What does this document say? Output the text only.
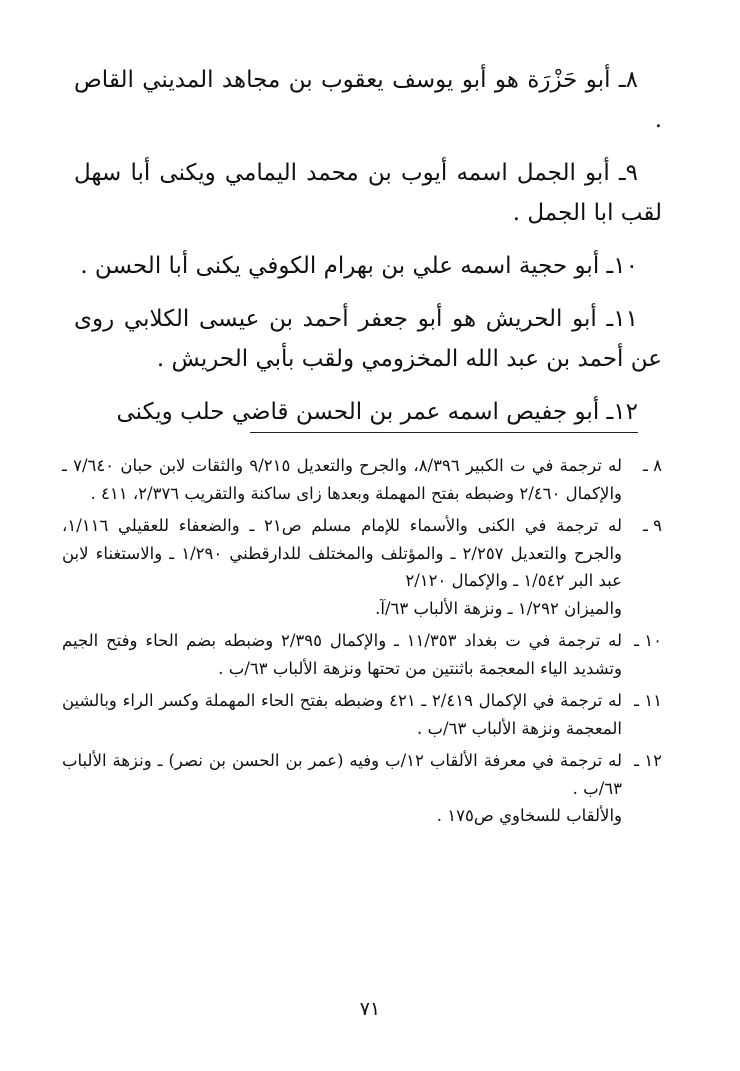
٨ـ أبو حَزْرَة هو أبو يوسف يعقوب بن مجاهد المديني القاص .

٩ـ أبو الجمل اسمه أيوب بن محمد اليمامي ويكنى أبا سهل لقب ابا الجمل .

١٠ـ أبو حجية اسمه علي بن بهرام الكوفي يكنى أبا الحسن .

١١ـ أبو الحريش هو أبو جعفر أحمد بن عيسى الكلابي روى عن أحمد بن عبد الله المخزومي ولقب بأبي الحريش .

١٢ـ أبو جفيص اسمه عمر بن الحسن قاضي حلب ويكنى

٨ ـ
له ترجمة في ت الكبير ٨/٣٩٦، والجرح والتعديل ٩/٢١٥ والثقات لابن حبان ٧/٦٤٠ ـ والإكمال ٢/٤٦٠ وضبطه بفتح المهملة وبعدها زاى ساكنة والتقريب ٢/٣٧٦، ٤١١ .
٩ ـ
له ترجمة في الكنى والأسماء للإمام مسلم ص٢١ ـ والضعفاء للعقيلي ١/١١٦، والجرح والتعديل ٢/٢٥٧ ـ والمؤتلف والمختلف للدارقطني ١/٢٩٠ ـ والاستغناء لابن عبد البر ١/٥٤٢ ـ والإكمال ٢/١٢٠
والميزان ١/٢٩٢ ـ ونزهة الألباب ٦٣/آ.
١٠ ـ
له ترجمة في ت بغداد ١١/٣٥٣ ـ والإكمال ٢/٣٩٥ وضبطه بضم الحاء وفتح الجيم وتشديد الياء المعجمة باثنتين من تحتها ونزهة الألباب ٦٣/ب .
١١ ـ
له ترجمة في الإكمال ٢/٤١٩ ـ ٤٢١ وضبطه بفتح الحاء المهملة وكسر الراء وبالشين المعجمة ونزهة الألباب ٦٣/ب .
١٢ ـ
له ترجمة في معرفة الألقاب ١٢/ب وفيه (عمر بن الحسن بن نصر) ـ ونزهة الألباب ٦٣/ب .
والألقاب للسخاوي ص١٧٥ .
٧١
